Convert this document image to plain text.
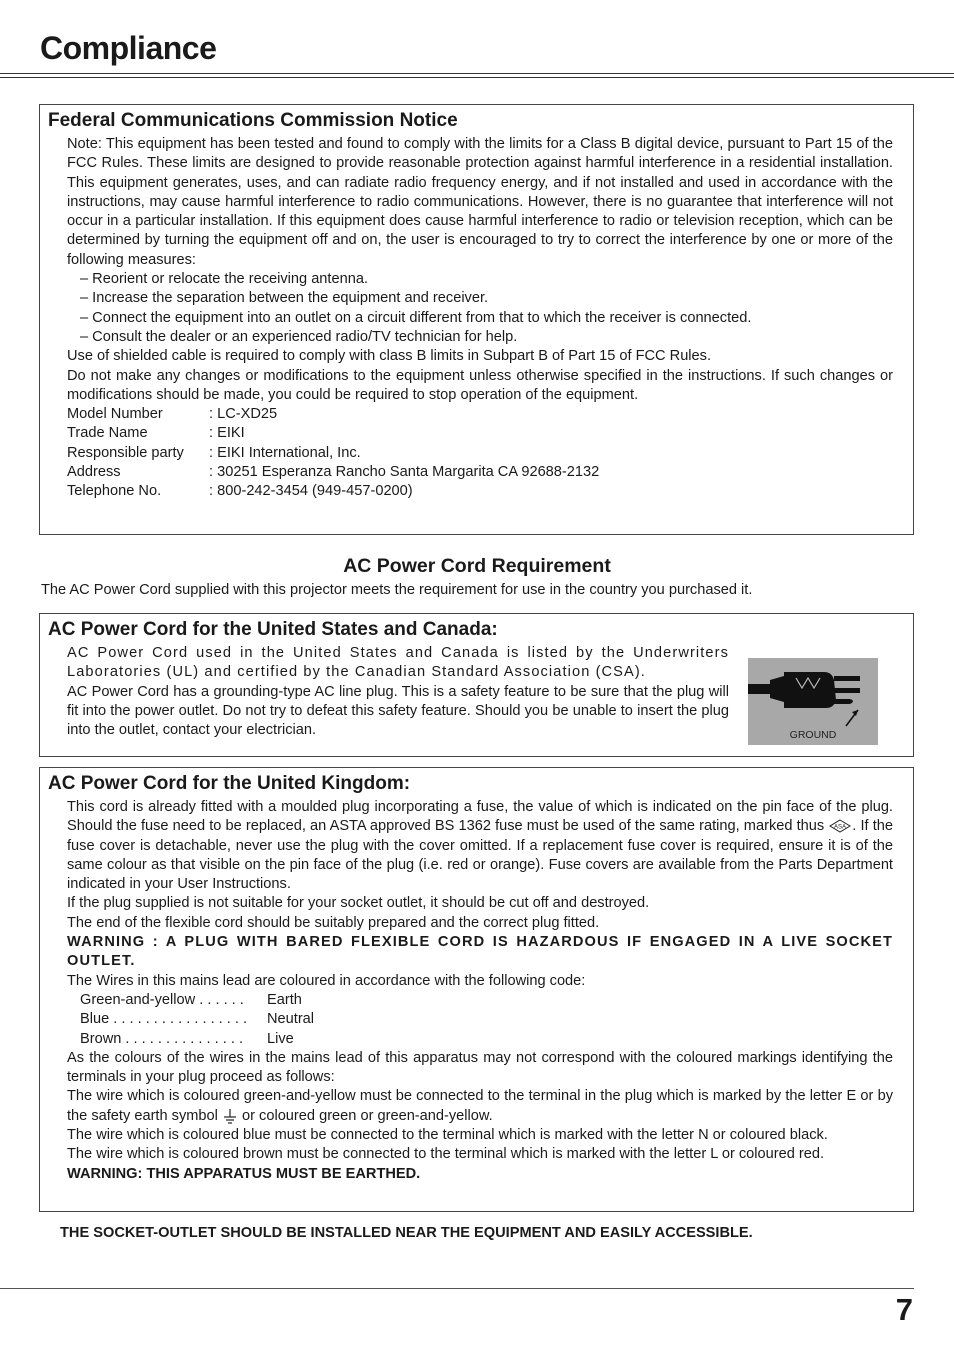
Compliance
Federal Communications Commission Notice

Note: This equipment has been tested and found to comply with the limits for a Class B digital device, pursuant to Part 15 of the FCC Rules. These limits are designed to provide reasonable protection against harmful interference in a residential installation. This equipment generates, uses, and can radiate radio frequency energy, and if not installed and used in accordance with the instructions, may cause harmful interference to radio communications. However, there is no guarantee that interference will not occur in a particular installation. If this equipment does cause harmful interference to radio or television reception, which can be determined by turning the equipment off and on, the user is encouraged to try to correct the interference by one or more of the following measures:

– Reorient or relocate the receiving antenna.

– Increase the separation between the equipment and receiver.

– Connect the equipment into an outlet on a circuit different from that to which the receiver is connected.

– Consult the dealer or an experienced radio/TV technician for help.

Use of shielded cable is required to comply with class B limits in Subpart B of Part 15 of FCC Rules.

Do not make any changes or modifications to the equipment unless otherwise specified in the instructions. If such changes or modifications should be made, you could be required to stop operation of the equipment.

Model Number	: LC-XD25
Trade Name	: EIKI
Responsible party	: EIKI International, Inc.
Address	: 30251 Esperanza Rancho Santa Margarita CA 92688-2132
Telephone No.	: 800-242-3454 (949-457-0200)
AC Power Cord Requirement

The AC Power Cord supplied with this projector meets the requirement for use in the country you purchased it.

AC Power Cord for the United States and Canada:

AC Power Cord used in the United States and Canada is listed by the Underwriters Laboratories (UL) and certified by the Canadian Standard Association (CSA).

AC Power Cord has a grounding-type AC line plug. This is a safety feature to be sure that the plug will fit into the power outlet. Do not try to defeat this safety feature. Should you be unable to insert the plug into the outlet, contact your electrician.	GROUND
AC Power Cord for the United Kingdom:

This cord is already fitted with a moulded plug incorporating a fuse, the value of which is indicated on the pin face of the plug. Should the fuse need to be replaced, an ASTA approved BS 1362 fuse must be used of the same rating, marked thus ASA . If the fuse cover is detachable, never use the plug with the cover omitted. If a replacement fuse cover is required, ensure it is of the same colour as that visible on the pin face of the plug (i.e. red or orange). Fuse covers are available from the Parts Department indicated in your User Instructions.

If the plug supplied is not suitable for your socket outlet, it should be cut off and destroyed.

The end of the flexible cord should be suitably prepared and the correct plug fitted.

WARNING : A PLUG WITH BARED FLEXIBLE CORD IS HAZARDOUS IF ENGAGED IN A LIVE SOCKET OUTLET.

The Wires in this mains lead are coloured in accordance with the following code:

Green-and-yellow . . . . . .	Earth
Blue . . . . . . . . . . . . . . . . .	Neutral
Brown . . . . . . . . . . . . . . .	Live

As the colours of the wires in the mains lead of this apparatus may not correspond with the coloured markings identifying the terminals in your plug proceed as follows:

The wire which is coloured green-and-yellow must be connected to the terminal in the plug which is marked by the letter E or by the safety earth symbol  or coloured green or green-and-yellow.

The wire which is coloured blue must be connected to the terminal which is marked with the letter N or coloured black.

The wire which is coloured brown must be connected to the terminal which is marked with the letter L or coloured red.

WARNING: THIS APPARATUS MUST BE EARTHED.

THE SOCKET-OUTLET SHOULD BE INSTALLED NEAR THE EQUIPMENT AND EASILY ACCESSIBLE.

7
